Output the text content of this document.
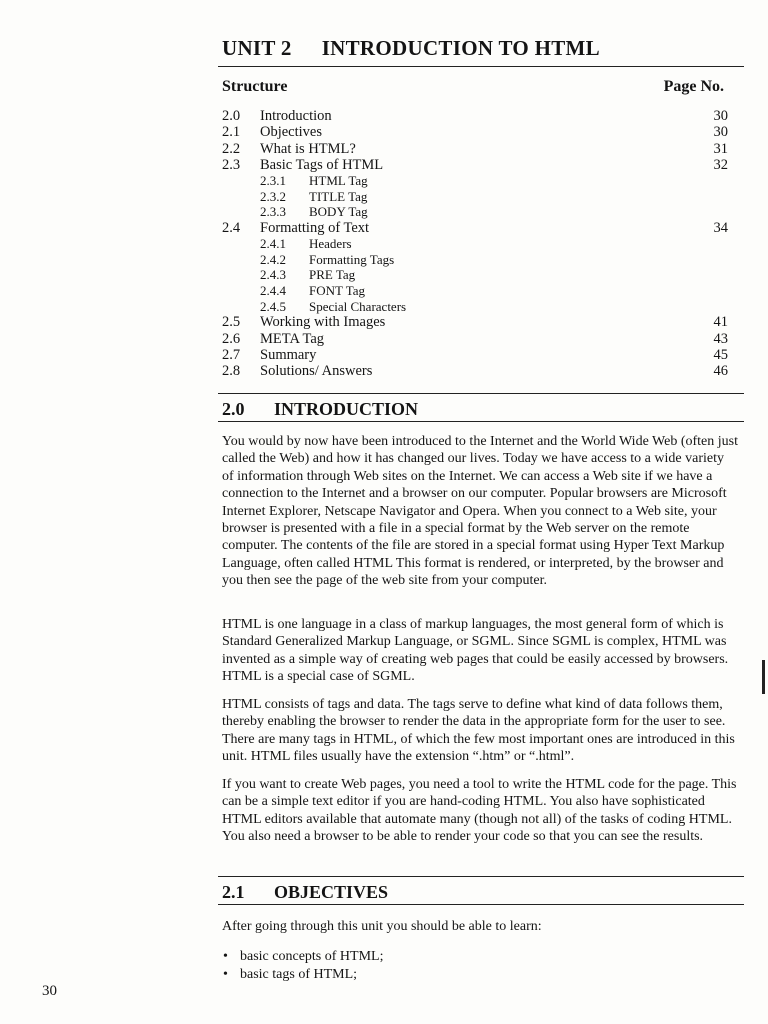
UNIT 2 INTRODUCTION TO HTML
Structure	Page No.
2.0 Introduction	30
2.1 Objectives	30
2.2 What is HTML?	31
2.3 Basic Tags of HTML	32
2.3.1 HTML Tag
2.3.2 TITLE Tag
2.3.3 BODY Tag
2.4 Formatting of Text	34
2.4.1 Headers
2.4.2 Formatting Tags
2.4.3 PRE Tag
2.4.4 FONT Tag
2.4.5 Special Characters
2.5 Working with Images	41
2.6 META Tag	43
2.7 Summary	45
2.8 Solutions/ Answers	46
2.0 INTRODUCTION

You would by now have been introduced to the Internet and the World Wide Web (often just called the Web) and how it has changed our lives. Today we have access to a wide variety of information through Web sites on the Internet. We can access a Web site if we have a connection to the Internet and a browser on our computer. Popular browsers are Microsoft Internet Explorer, Netscape Navigator and Opera. When you connect to a Web site, your browser is presented with a file in a special format by the Web server on the remote computer. The contents of the file are stored in a special format using Hyper Text Markup Language, often called HTML This format is rendered, or interpreted, by the browser and you then see the page of the web site from your computer.

HTML is one language in a class of markup languages, the most general form of which is Standard Generalized Markup Language, or SGML. Since SGML is complex, HTML was invented as a simple way of creating web pages that could be easily accessed by browsers. HTML is a special case of SGML.

HTML consists of tags and data. The tags serve to define what kind of data follows them, thereby enabling the browser to render the data in the appropriate form for the user to see. There are many tags in HTML, of which the few most important ones are introduced in this unit. HTML files usually have the extension “.htm” or “.html”.

If you want to create Web pages, you need a tool to write the HTML code for the page. This can be a simple text editor if you are hand-coding HTML. You also have sophisticated HTML editors available that automate many (though not all) of the tasks of coding HTML. You also need a browser to be able to render your code so that you can see the results.

2.1 OBJECTIVES

After going through this unit you should be able to learn:

• basic concepts of HTML;
• basic tags of HTML;
30
